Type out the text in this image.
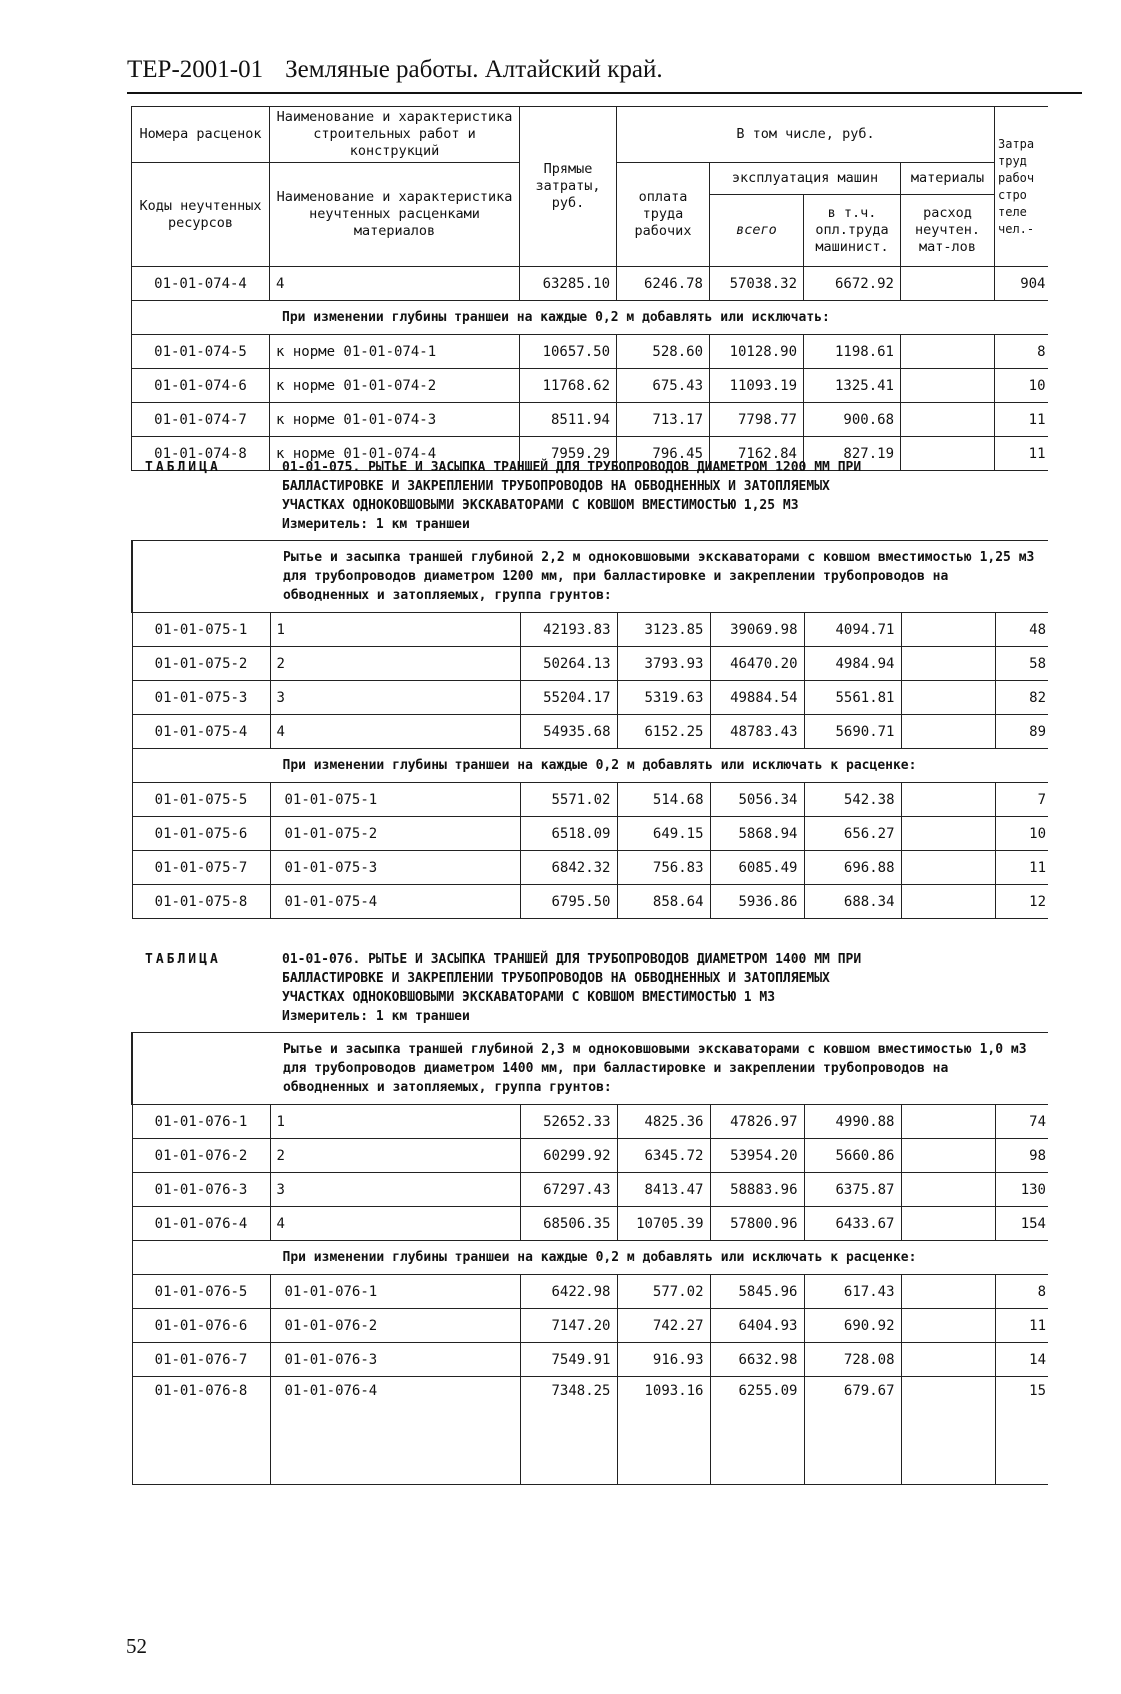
ТЕР-2001-01 Земляные работы. Алтайский край.
Номера расценок	Наименование и характеристика строительных работ и конструкций	Прямые затраты, руб.	В том числе, руб.				Затра труд рабоч стро теле чел.-
Коды неучтенных ресурсов	Наименование и характеристика неучтенных расценками материалов		оплата труда рабочих	эксплуатация машин		материалы	
				всего	в т.ч. опл.труда машинист.	расход неучтен. мат-лов	
01-01-074-4	4	63285.10	6246.78	57038.32	6672.92		904
При изменении глубины траншеи на каждые 0,2 м добавлять или исключать:							
01-01-074-5	к норме 01-01-074-1	10657.50	528.60	10128.90	1198.61		8
01-01-074-6	к норме 01-01-074-2	11768.62	675.43	11093.19	1325.41		10
01-01-074-7	к норме 01-01-074-3	8511.94	713.17	7798.77	900.68		11
01-01-074-8	к норме 01-01-074-4	7959.29	796.45	7162.84	827.19		11
ТАБЛИЦА	01-01-075. РЫТЬЕ И ЗАСЫПКА ТРАНШЕЙ ДЛЯ ТРУБОПРОВОДОВ ДИАМЕТРОМ 1200 ММ ПРИ
БАЛЛАСТИРОВКЕ И ЗАКРЕПЛЕНИИ ТРУБОПРОВОДОВ НА ОБВОДНЕННЫХ И ЗАТОПЛЯЕМЫХ
УЧАСТКАХ ОДНОКОВШОВЫМИ ЭКСКАВАТОРАМИ С КОВШОМ ВМЕСТИМОСТЬЮ 1,25 М3
Измеритель: 1 км траншеи
Рытье и засыпка траншей глубиной 2,2 м одноковшовыми экскаваторами с ковшом вместимостью 1,25 м3 для трубопроводов диаметром 1200 мм, при балластировке и закреплении трубопроводов на обводненных и затопляемых, группа грунтов:							
01-01-075-1	1	42193.83	3123.85	39069.98	4094.71		48
01-01-075-2	2	50264.13	3793.93	46470.20	4984.94		58
01-01-075-3	3	55204.17	5319.63	49884.54	5561.81		82
01-01-075-4	4	54935.68	6152.25	48783.43	5690.71		89
При изменении глубины траншеи на каждые 0,2 м добавлять или исключать к расценке:							
01-01-075-5	01-01-075-1	5571.02	514.68	5056.34	542.38		7
01-01-075-6	01-01-075-2	6518.09	649.15	5868.94	656.27		10
01-01-075-7	01-01-075-3	6842.32	756.83	6085.49	696.88		11
01-01-075-8	01-01-075-4	6795.50	858.64	5936.86	688.34		12
ТАБЛИЦА	01-01-076. РЫТЬЕ И ЗАСЫПКА ТРАНШЕЙ ДЛЯ ТРУБОПРОВОДОВ ДИАМЕТРОМ 1400 ММ ПРИ
БАЛЛАСТИРОВКЕ И ЗАКРЕПЛЕНИИ ТРУБОПРОВОДОВ НА ОБВОДНЕННЫХ И ЗАТОПЛЯЕМЫХ
УЧАСТКАХ ОДНОКОВШОВЫМИ ЭКСКАВАТОРАМИ С КОВШОМ ВМЕСТИМОСТЬЮ 1 М3
Измеритель: 1 км траншеи
Рытье и засыпка траншей глубиной 2,3 м одноковшовыми экскаваторами с ковшом вместимостью 1,0 м3 для трубопроводов диаметром 1400 мм, при балластировке и закреплении трубопроводов на обводненных и затопляемых, группа грунтов:							
01-01-076-1	1	52652.33	4825.36	47826.97	4990.88		74
01-01-076-2	2	60299.92	6345.72	53954.20	5660.86		98
01-01-076-3	3	67297.43	8413.47	58883.96	6375.87		130
01-01-076-4	4	68506.35	10705.39	57800.96	6433.67		154
При изменении глубины траншеи на каждые 0,2 м добавлять или исключать к расценке:							
01-01-076-5	01-01-076-1	6422.98	577.02	5845.96	617.43		8
01-01-076-6	01-01-076-2	7147.20	742.27	6404.93	690.92		11
01-01-076-7	01-01-076-3	7549.91	916.93	6632.98	728.08		14
01-01-076-8	01-01-076-4	7348.25	1093.16	6255.09	679.67		15
52
